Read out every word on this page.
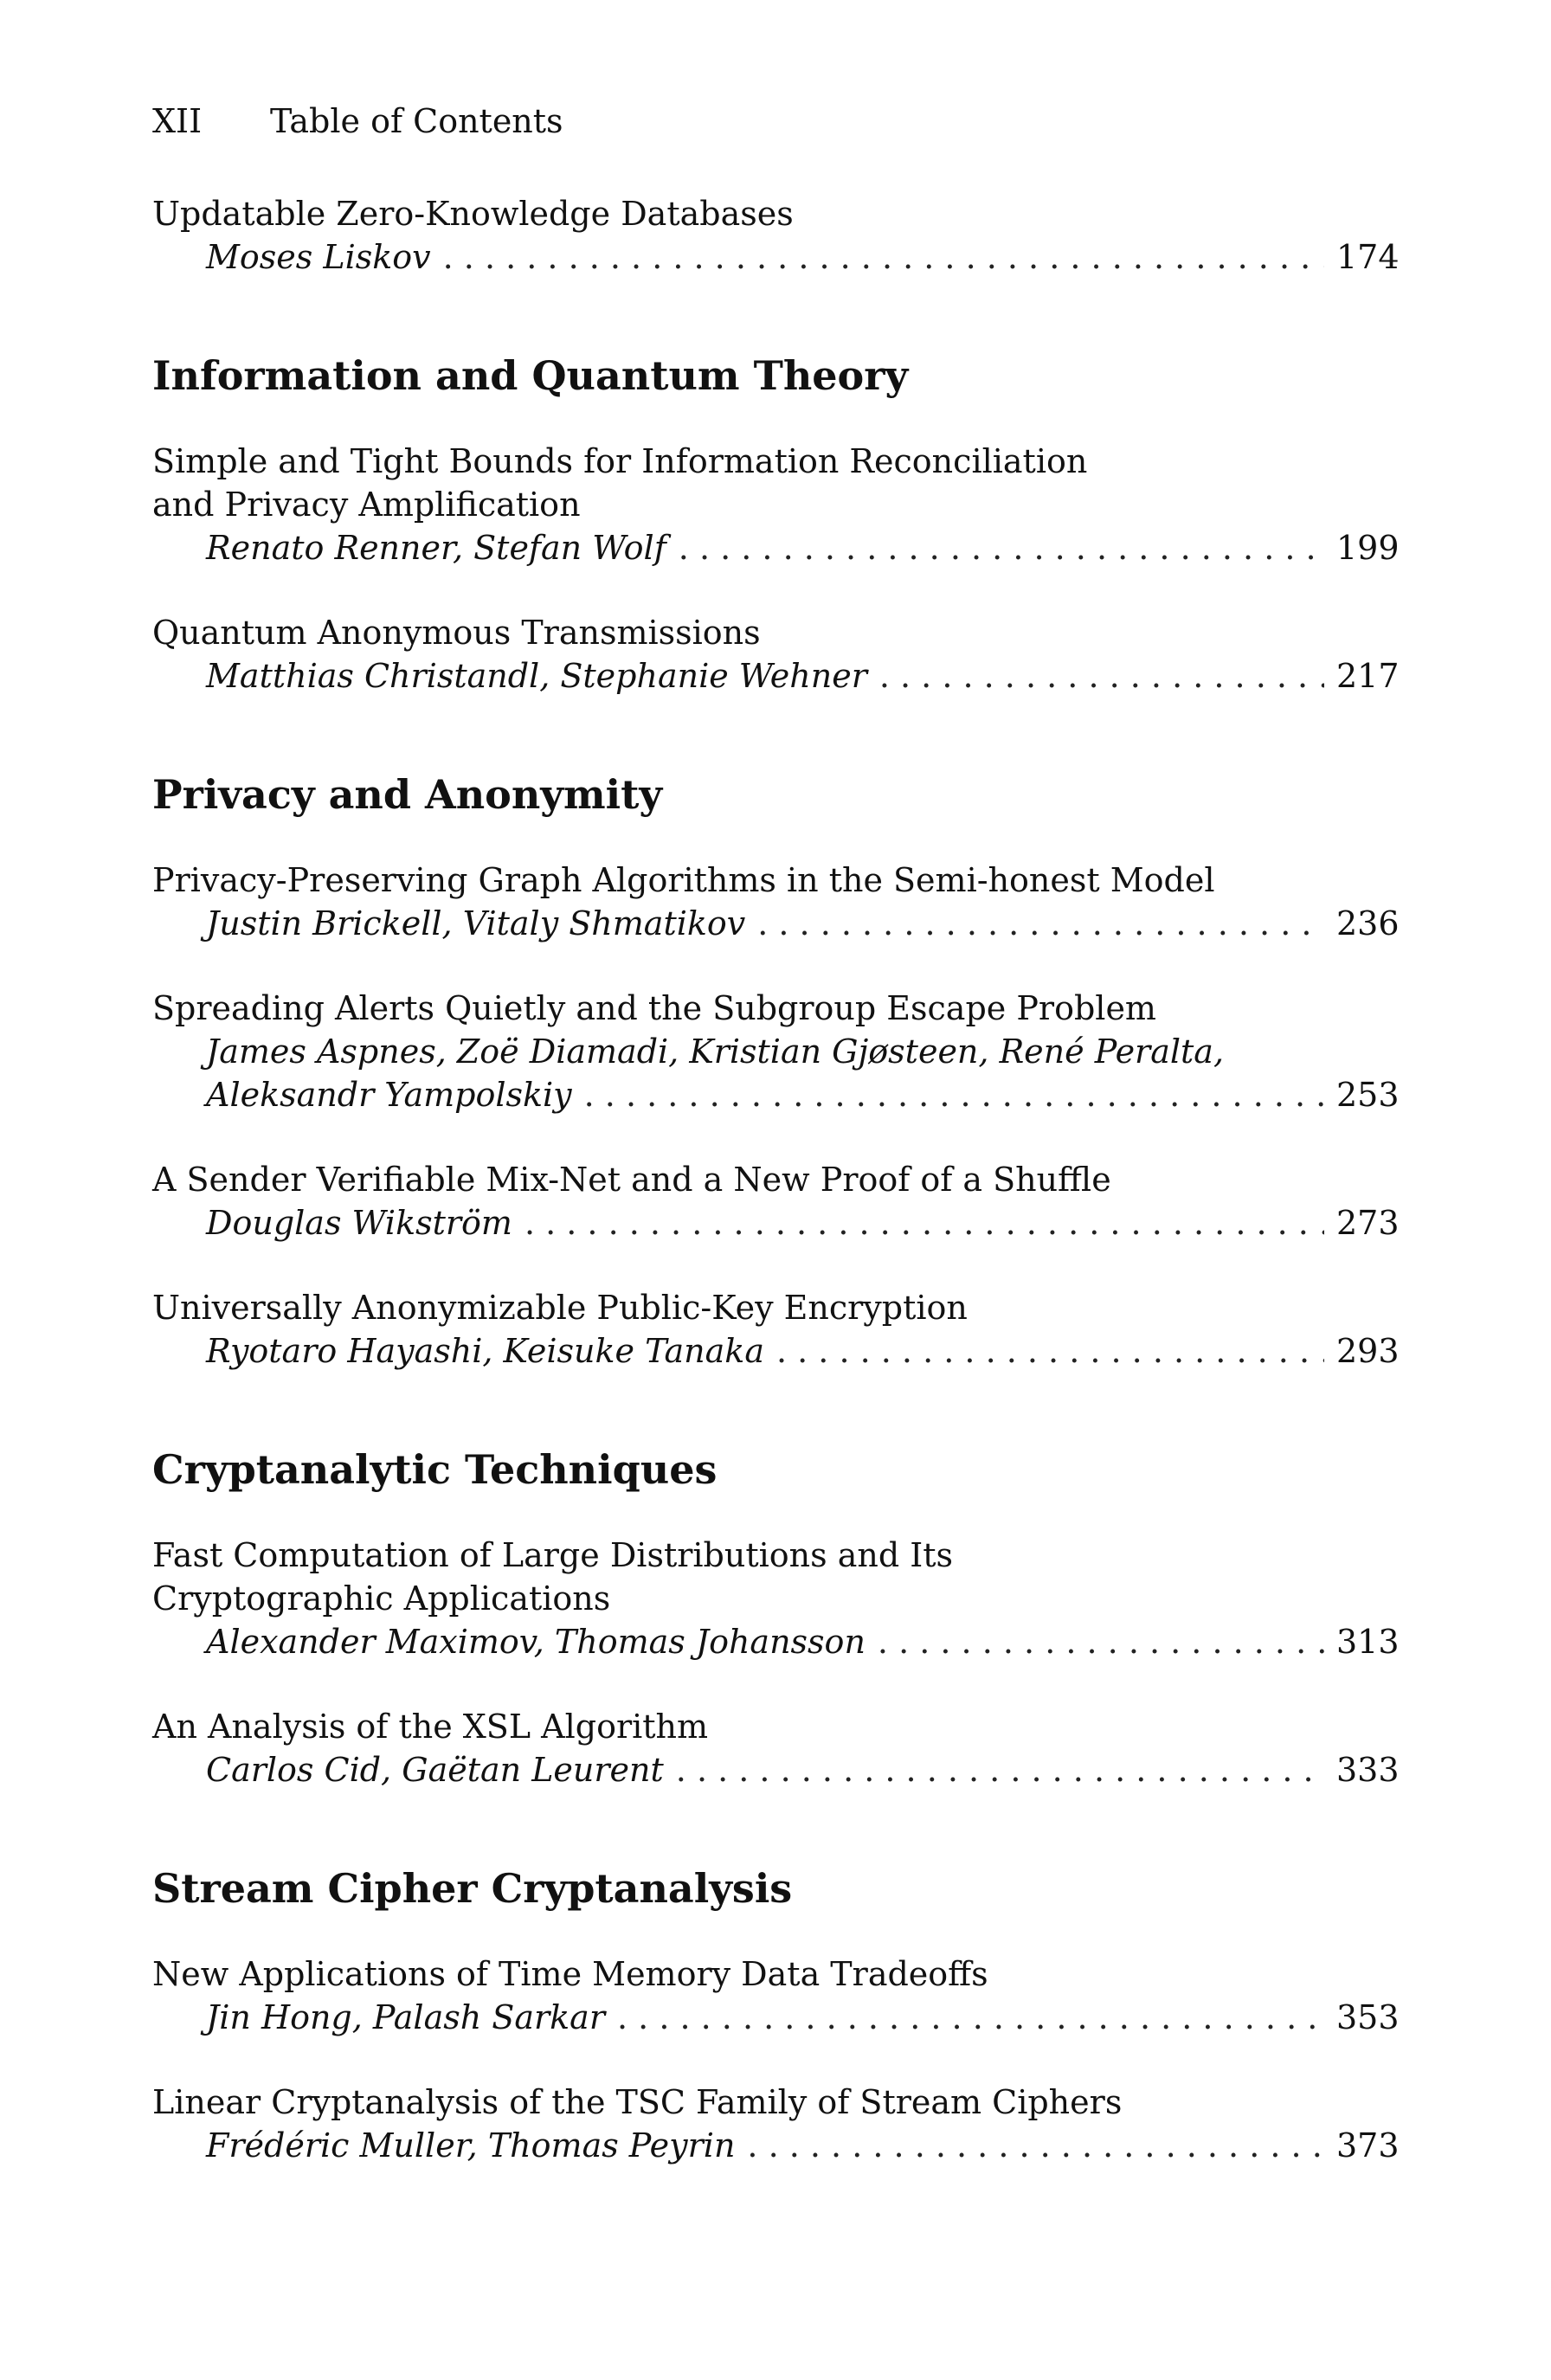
XII	Table of Contents
Updatable Zero-Knowledge Databases
Moses Liskov . . .	174
Information and Quantum Theory
Simple and Tight Bounds for Information Reconciliation
and Privacy Amplification
Renato Renner, Stefan Wolf . . .	199
Quantum Anonymous Transmissions
Matthias Christandl, Stephanie Wehner . . .	217
Privacy and Anonymity
Privacy-Preserving Graph Algorithms in the Semi-honest Model
Justin Brickell, Vitaly Shmatikov . . .	236
Spreading Alerts Quietly and the Subgroup Escape Problem
James Aspnes, Zoë Diamadi, Kristian Gjøsteen, René Peralta,
Aleksandr Yampolskiy . . .	253
A Sender Verifiable Mix-Net and a New Proof of a Shuffle
Douglas Wikström . . .	273
Universally Anonymizable Public-Key Encryption
Ryotaro Hayashi, Keisuke Tanaka . . .	293
Cryptanalytic Techniques
Fast Computation of Large Distributions and Its
Cryptographic Applications
Alexander Maximov, Thomas Johansson . . .	313
An Analysis of the XSL Algorithm
Carlos Cid, Gaëtan Leurent . . .	333
Stream Cipher Cryptanalysis
New Applications of Time Memory Data Tradeoffs
Jin Hong, Palash Sarkar . . .	353
Linear Cryptanalysis of the TSC Family of Stream Ciphers
Frédéric Muller, Thomas Peyrin . . .	373
